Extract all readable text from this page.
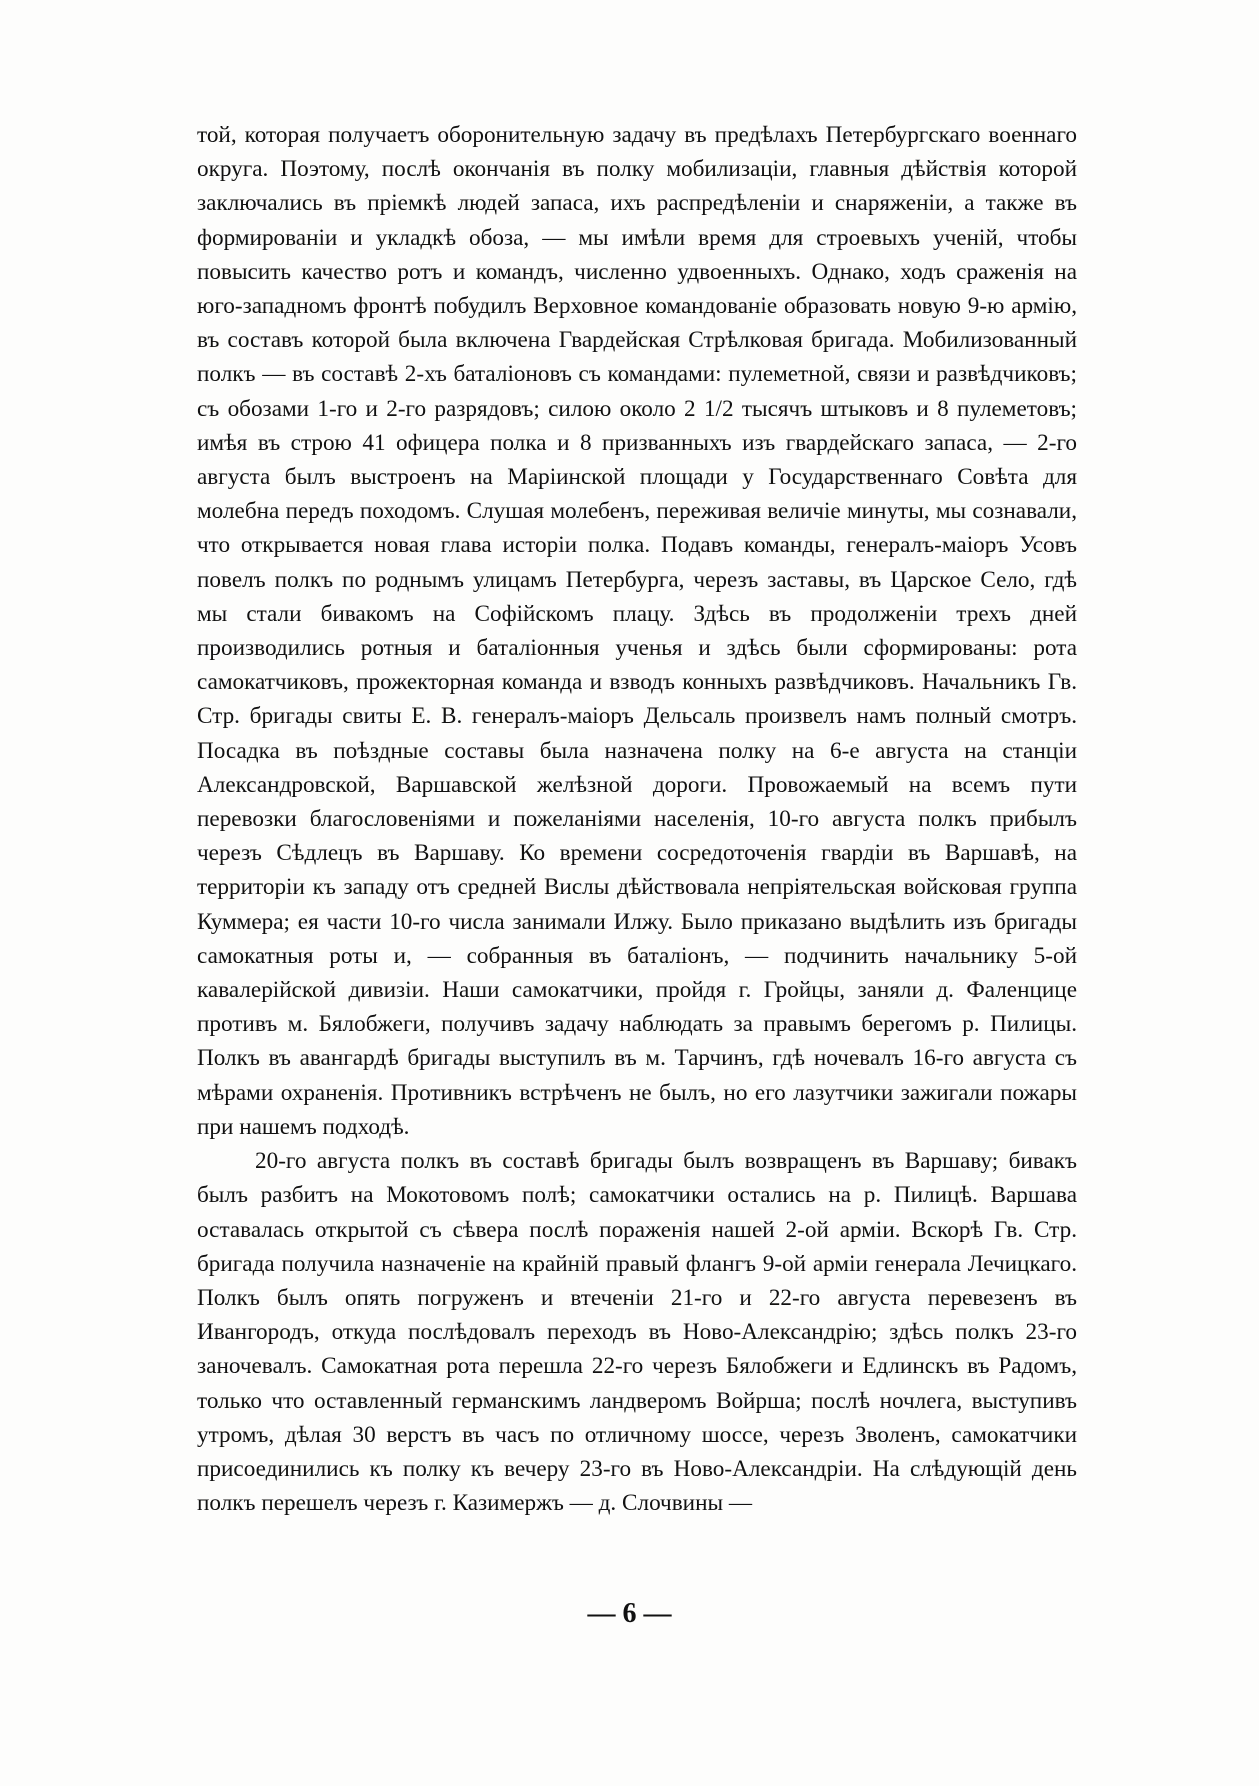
той, которая получаетъ оборонительную задачу въ предѣлахъ Петербургскаго военнаго округа. Поэтому, послѣ окончанія въ полку мобилизаціи, главныя дѣйствія которой заключались въ пріемкѣ людей запаса, ихъ распредѣленіи и снаряженіи, а также въ формированіи и укладкѣ обоза, — мы имѣли время для строевыхъ ученій, чтобы повысить качество ротъ и командъ, численно удвоенныхъ. Однако, ходъ сраженія на юго-западномъ фронтѣ побудилъ Верховное командованіе образовать новую 9-ю армію, въ составъ которой была включена Гвардейская Стрѣлковая бригада. Мобилизованный полкъ — въ составѣ 2-хъ баталіоновъ съ командами: пулеметной, связи и развѣдчиковъ; съ обозами 1-го и 2-го разрядовъ; силою около 2 1/2 тысячъ штыковъ и 8 пулеметовъ; имѣя въ строю 41 офицера полка и 8 призванныхъ изъ гвардейскаго запаса, — 2-го августа былъ выстроенъ на Маріинской площади у Государственнаго Совѣта для молебна передъ походомъ. Слушая молебенъ, переживая величіе минуты, мы сознавали, что открывается новая глава исторіи полка. Подавъ команды, генералъ-маіоръ Усовъ повелъ полкъ по роднымъ улицамъ Петербурга, черезъ заставы, въ Царское Село, гдѣ мы стали бивакомъ на Софійскомъ плацу. Здѣсь въ продолженіи трехъ дней производились ротныя и баталіонныя ученья и здѣсь были сформированы: рота самокатчиковъ, прожекторная команда и взводъ конныхъ развѣдчиковъ. Начальникъ Гв. Стр. бригады свиты Е. В. генералъ-маіоръ Дельсаль произвелъ намъ полный смотръ. Посадка въ поѣздные составы была назначена полку на 6-е августа на станціи Александровской, Варшавской желѣзной дороги. Провожаемый на всемъ пути перевозки благословеніями и пожеланіями населенія, 10-го августа полкъ прибылъ черезъ Сѣдлецъ въ Варшаву. Ко времени сосредоточенія гвардіи въ Варшавѣ, на территоріи къ западу отъ средней Вислы дѣйствовала непріятельская войсковая группа Куммера; ея части 10-го числа занимали Илжу. Было приказано выдѣлить изъ бригады самокатныя роты и, — собранныя въ баталіонъ, — подчинить начальнику 5-ой кавалерійской дивизіи. Наши самокатчики, пройдя г. Гройцы, заняли д. Фаленцице противъ м. Бялобжеги, получивъ задачу наблюдать за правымъ берегомъ р. Пилицы. Полкъ въ авангардѣ бригады выступилъ въ м. Тарчинъ, гдѣ ночевалъ 16-го августа съ мѣрами охраненія. Противникъ встрѣченъ не былъ, но его лазутчики зажигали пожары при нашемъ подходѣ.

20-го августа полкъ въ составѣ бригады былъ возвращенъ въ Варшаву; бивакъ былъ разбитъ на Мокотовомъ полѣ; самокатчики остались на р. Пилицѣ. Варшава оставалась открытой съ сѣвера послѣ пораженія нашей 2-ой арміи. Вскорѣ Гв. Стр. бригада получила назначеніе на крайній правый флангъ 9-ой арміи генерала Лечицкаго. Полкъ былъ опять погруженъ и втеченіи 21-го и 22-го августа перевезенъ въ Ивангородъ, откуда послѣдовалъ переходъ въ Ново-Александрію; здѣсь полкъ 23-го заночевалъ. Самокатная рота перешла 22-го черезъ Бялобжеги и Едлинскъ въ Радомъ, только что оставленный германскимъ ландверомъ Войрша; послѣ ночлега, выступивъ утромъ, дѣлая 30 верстъ въ часъ по отличному шоссе, черезъ Зволенъ, самокатчики присоединились къ полку къ вечеру 23-го въ Ново-Александріи. На слѣдующій день полкъ перешелъ черезъ г. Казимержъ — д. Слочвины —

— 6 —
